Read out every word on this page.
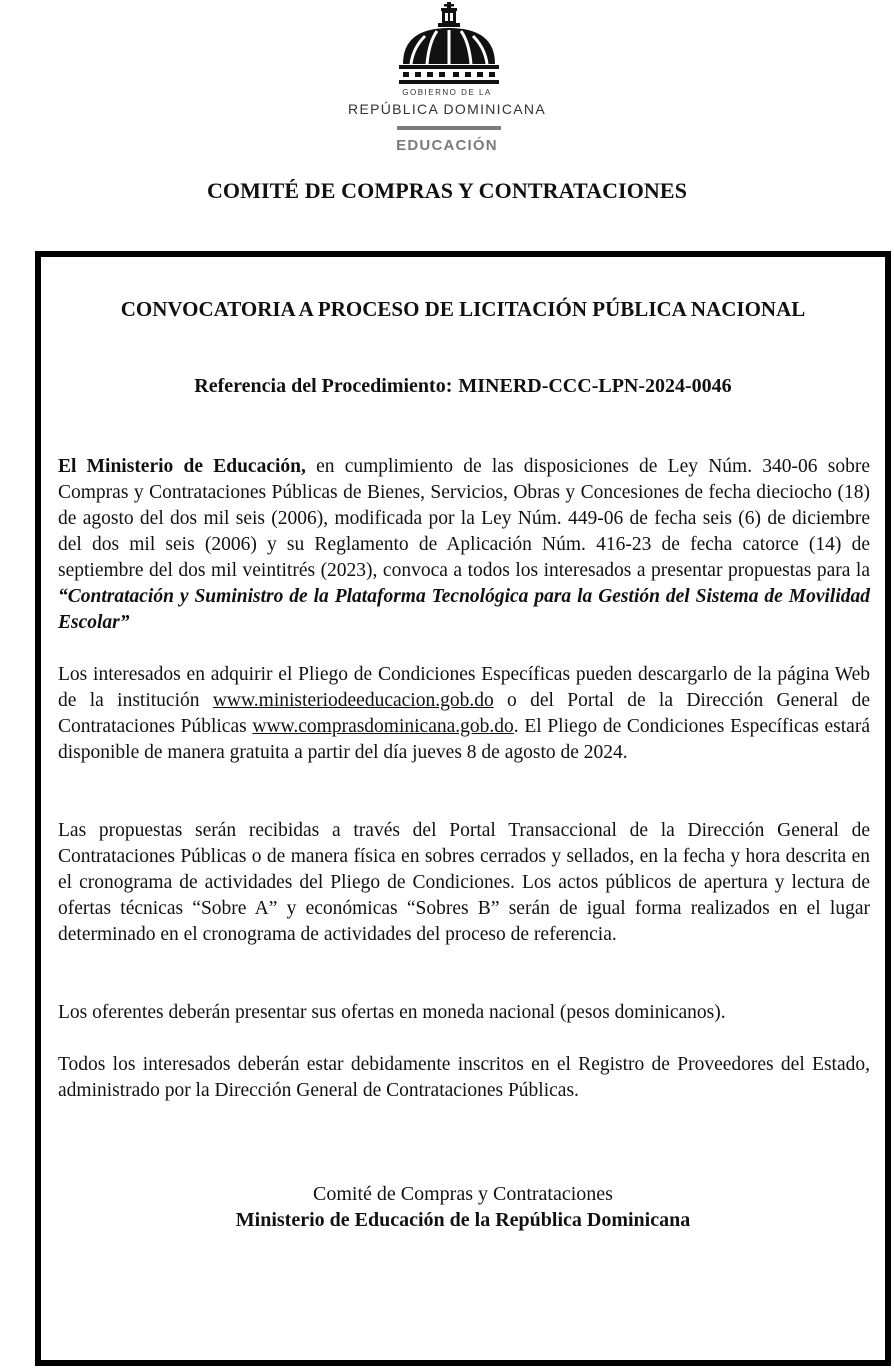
GOBIERNO DE LA
REPÚBLICA DOMINICANA
EDUCACIÓN
COMITÉ DE COMPRAS Y CONTRATACIONES
CONVOCATORIA A PROCESO DE LICITACIÓN PÚBLICA NACIONAL
Referencia del Procedimiento: MINERD-CCC-LPN-2024-0046

El Ministerio de Educación, en cumplimiento de las disposiciones de Ley Núm. 340-06 sobre Compras y Contrataciones Públicas de Bienes, Servicios, Obras y Concesiones de fecha dieciocho (18) de agosto del dos mil seis (2006), modificada por la Ley Núm. 449-06 de fecha seis (6) de diciembre del dos mil seis (2006) y su Reglamento de Aplicación Núm. 416-23 de fecha catorce (14) de septiembre del dos mil veintitrés (2023), convoca a todos los interesados a presentar propuestas para la “Contratación y Suministro de la Plataforma Tecnológica para la Gestión del Sistema de Movilidad Escolar”

Los interesados en adquirir el Pliego de Condiciones Específicas pueden descargarlo de la página Web de la institución www.ministeriodeeducacion.gob.do o del Portal de la Dirección General de Contrataciones Públicas www.comprasdominicana.gob.do. El Pliego de Condiciones Específicas estará disponible de manera gratuita a partir del día jueves 8 de agosto de 2024.

Las propuestas serán recibidas a través del Portal Transaccional de la Dirección General de Contrataciones Públicas o de manera física en sobres cerrados y sellados, en la fecha y hora descrita en el cronograma de actividades del Pliego de Condiciones. Los actos públicos de apertura y lectura de ofertas técnicas “Sobre A” y económicas “Sobres B” serán de igual forma realizados en el lugar determinado en el cronograma de actividades del proceso de referencia.

Los oferentes deberán presentar sus ofertas en moneda nacional (pesos dominicanos).

Todos los interesados deberán estar debidamente inscritos en el Registro de Proveedores del Estado, administrado por la Dirección General de Contrataciones Públicas.

Comité de Compras y Contrataciones
Ministerio de Educación de la República Dominicana
